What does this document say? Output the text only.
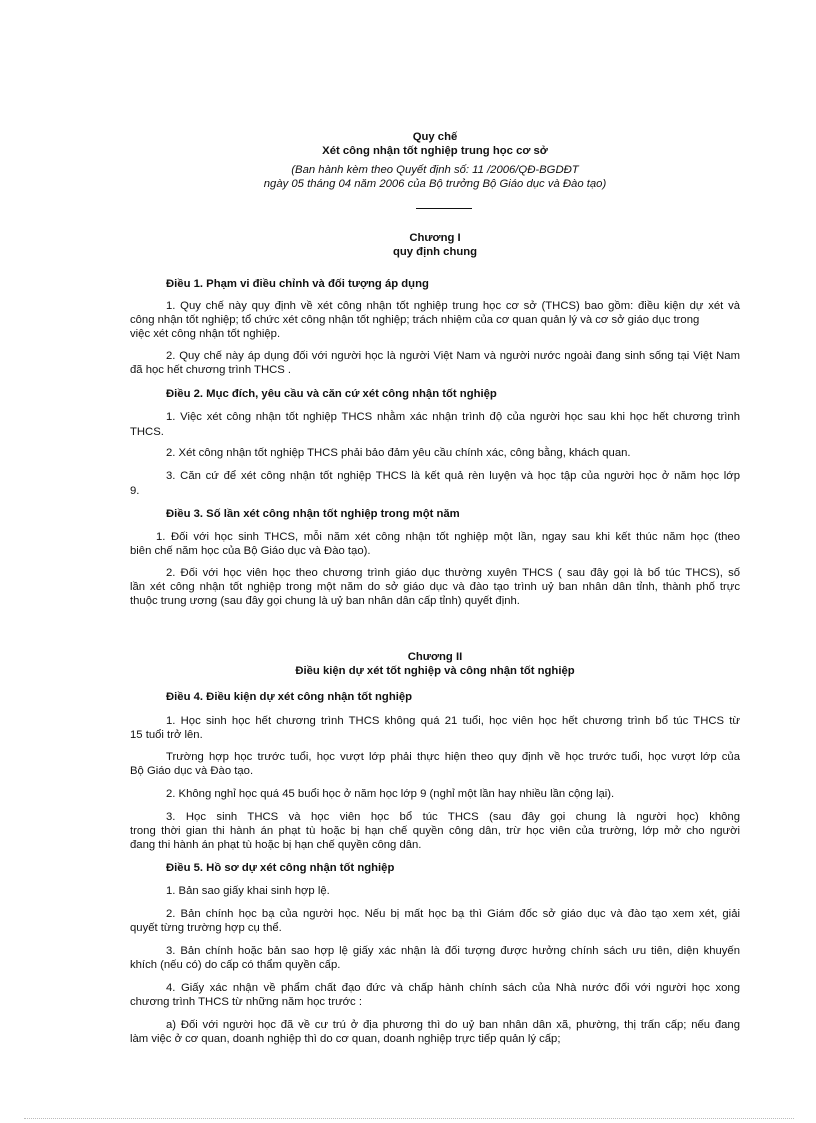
Quy chế
Xét công nhận tốt nghiệp trung học cơ sở
(Ban hành kèm theo Quyết định số: 11 /2006/QĐ-BGDĐT
ngày 05 tháng 04 năm 2006 của Bộ trưởng Bộ Giáo dục và Đào tạo)
Chương I
quy định chung
Điều 1. Phạm vi điều chỉnh và đối tượng áp dụng
1. Quy chế này quy định về xét công nhận tốt nghiệp trung học cơ sở (THCS) bao gồm: điều kiện dự xét và
công nhận tốt nghiệp; tổ chức xét công nhận tốt nghiệp; trách nhiệm của cơ quan quản lý và cơ sở giáo dục trong
việc xét công nhận tốt nghiệp.
2. Quy chế này áp dụng đối với người học là người Việt Nam và người nước ngoài đang sinh sống tại Việt Nam
đã học hết chương trình THCS .
Điều 2. Mục đích, yêu cầu và căn cứ xét công nhận tốt nghiệp
1. Việc xét công nhận tốt nghiệp THCS nhằm xác nhận trình độ của người học sau khi học hết chương trình
THCS.
2. Xét công nhận tốt nghiệp THCS phải bảo đảm yêu cầu chính xác, công bằng, khách quan.
3. Căn cứ để xét công nhận tốt nghiệp THCS là kết quả rèn luyện và học tập của người học ở năm học lớp
9.
Điều 3. Số lần xét công nhận tốt nghiệp trong một năm
1. Đối với học sinh THCS, mỗi năm xét công nhận tốt nghiệp một lần, ngay sau khi kết thúc năm học (theo
biên chế năm học của Bộ Giáo dục và Đào tạo).
2. Đối với học viên học theo chương trình giáo dục thường xuyên THCS ( sau đây gọi là bổ túc THCS), số
lần xét công nhận tốt nghiệp trong một năm do sở giáo dục và đào tạo trình uỷ ban nhân dân tỉnh, thành phố trực
thuộc trung ương (sau đây gọi chung là uỷ ban nhân dân cấp tỉnh) quyết định.
Chương II
Điều kiện dự xét tốt nghiệp và công nhận tốt nghiệp
Điều 4. Điều kiện dự xét công nhận tốt nghiệp
1. Học sinh học hết chương trình THCS không quá 21 tuổi, học viên học hết chương trình bổ túc THCS từ
15 tuổi trở lên.
Trường hợp học trước tuổi, học vượt lớp phải thực hiện theo quy định về học trước tuổi, học vượt lớp của
Bộ Giáo dục và Đào tạo.
2. Không nghỉ học quá 45 buổi học ở năm học lớp 9 (nghỉ một lần hay nhiều lần cộng lại).
3. Học sinh THCS và học viên học bổ túc THCS (sau đây gọi chung là người học) không
trong thời gian thi hành án phạt tù hoặc bị hạn chế quyền công dân, trừ học viên của trường, lớp mở cho người
đang thi hành án phạt tù hoặc bị hạn chế quyền công dân.
Điều 5. Hồ sơ dự xét công nhận tốt nghiệp
1. Bản sao giấy khai sinh hợp lệ.
2. Bản chính học bạ của người học. Nếu bị mất học bạ thì Giám đốc sở giáo dục và đào tạo xem xét, giải
quyết từng trường hợp cụ thể.
3. Bản chính hoặc bản sao hợp lệ giấy xác nhận là đối tượng được hưởng chính sách ưu tiên, diện khuyến
khích (nếu có) do cấp có thẩm quyền cấp.
4. Giấy xác nhận về phẩm chất đạo đức và chấp hành chính sách của Nhà nước đối với người học xong
chương trình THCS từ những năm học trước :
a) Đối với người học đã về cư trú ở địa phương thì do uỷ ban nhân dân xã, phường, thị trấn cấp; nếu đang
làm việc ở cơ quan, doanh nghiệp thì do cơ quan, doanh nghiệp trực tiếp quản lý cấp;
